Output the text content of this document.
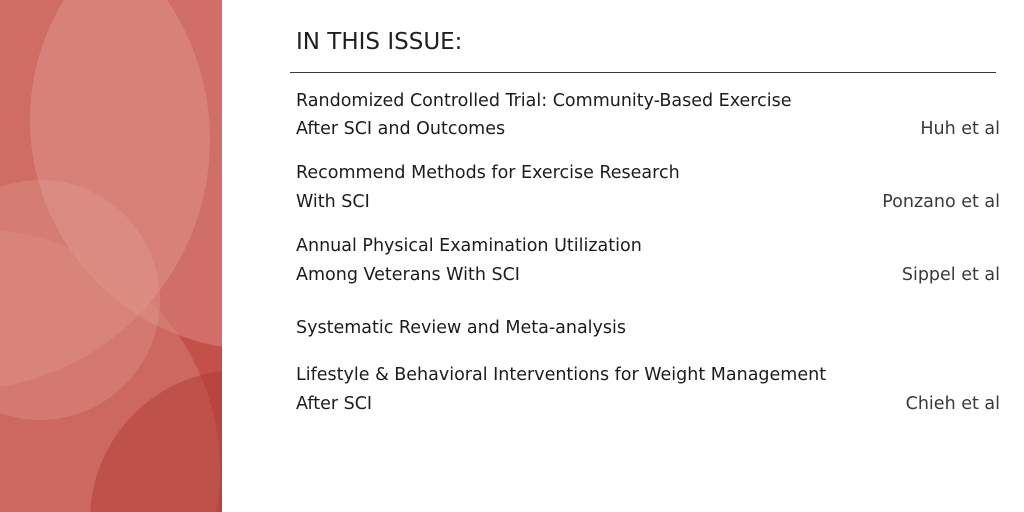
IN THIS ISSUE:
Randomized Controlled Trial: Community-Based Exercise
After SCI and Outcomes	Huh et al
Recommend Methods for Exercise Research
With SCI	Ponzano et al
Annual Physical Examination Utilization
Among Veterans With SCI	Sippel et al
Systematic Review and Meta-analysis
Lifestyle & Behavioral Interventions for Weight Management
After SCI	Chieh et al
